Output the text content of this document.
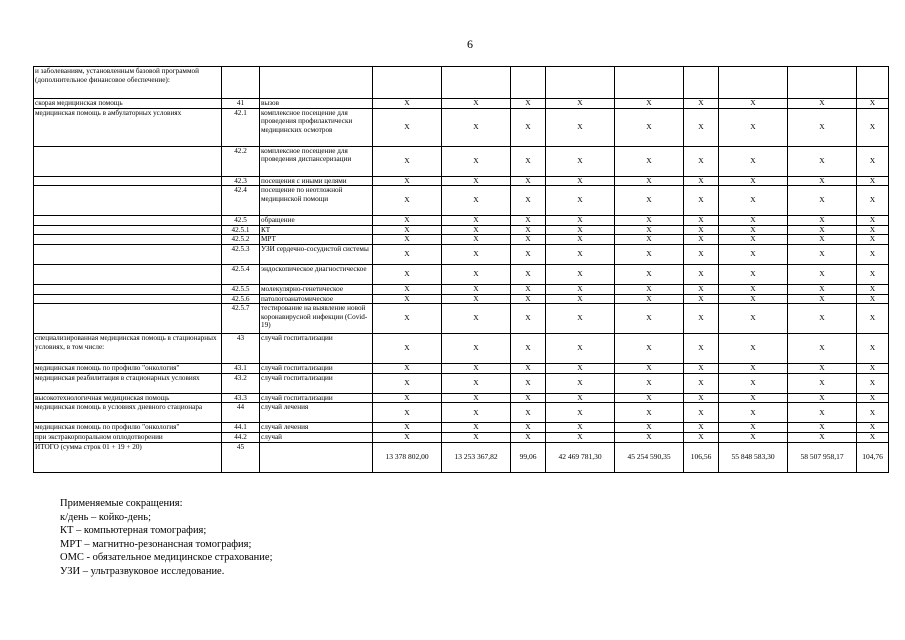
6
и заболеваниям, установленным базовой программой (дополнительное финансовое обеспечение):											
скорая медицинская помощь	41	вызов	X	X	X	X	X	X	X	X	X
медицинская помощь в амбулаторных условиях	42.1	комплексное посещение для проведения профилактически медицинских осмотров	X	X	X	X	X	X	X	X	X
	42.2	комплексное посещение для проведения диспансеризации	X	X	X	X	X	X	X	X	X
	42.3	посещения с иными целями	X	X	X	X	X	X	X	X	X
	42.4	посещение по неотложной медицинской помощи	X	X	X	X	X	X	X	X	X
	42.5	обращение	X	X	X	X	X	X	X	X	X
	42.5.1	КТ	X	X	X	X	X	X	X	X	X
	42.5.2	МРТ	X	X	X	X	X	X	X	X	X
	42.5.3	УЗИ сердечно-сосудистой системы	X	X	X	X	X	X	X	X	X
	42.5.4	эндоскопическое диагностическое	X	X	X	X	X	X	X	X	X
	42.5.5	молекулярно-генетическое	X	X	X	X	X	X	X	X	X
	42.5.6	патологоанатомическое	X	X	X	X	X	X	X	X	X
	42.5.7	тестирование на выявление новой коронавирусной инфекции (Covid-19)	X	X	X	X	X	X	X	X	X
специализированная медицинская помощь в стационарных условиях, в том числе:	43	случай госпитализации	X	X	X	X	X	X	X	X	X
медицинская помощь по профилю "онкология"	43.1	случай госпитализации	X	X	X	X	X	X	X	X	X
медицинская реабилитация в стационарных условиях	43.2	случай госпитализации	X	X	X	X	X	X	X	X	X
высокотехнологичная медицинская помощь	43.3	случай госпитализации	X	X	X	X	X	X	X	X	X
медицинская помощь в условиях дневного стационара	44	случай лечения	X	X	X	X	X	X	X	X	X
медицинская помощь по профилю "онкология"	44.1	случай лечения	X	X	X	X	X	X	X	X	X
при экстракорпоральном оплодотворении	44.2	случай	X	X	X	X	X	X	X	X	X
ИТОГО (сумма строк 01 + 19 + 20)	45		13 378 802,00	13 253 367,82	99,06	42 469 781,30	45 254 590,35	106,56	55 848 583,30	58 507 958,17	104,76
Применяемые сокращения:
к/день – койко-день;
КТ – компьютерная томография;
МРТ – магнитно-резонансная томография;
ОМС - обязательное медицинское страхование;
УЗИ – ультразвуковое исследование.
